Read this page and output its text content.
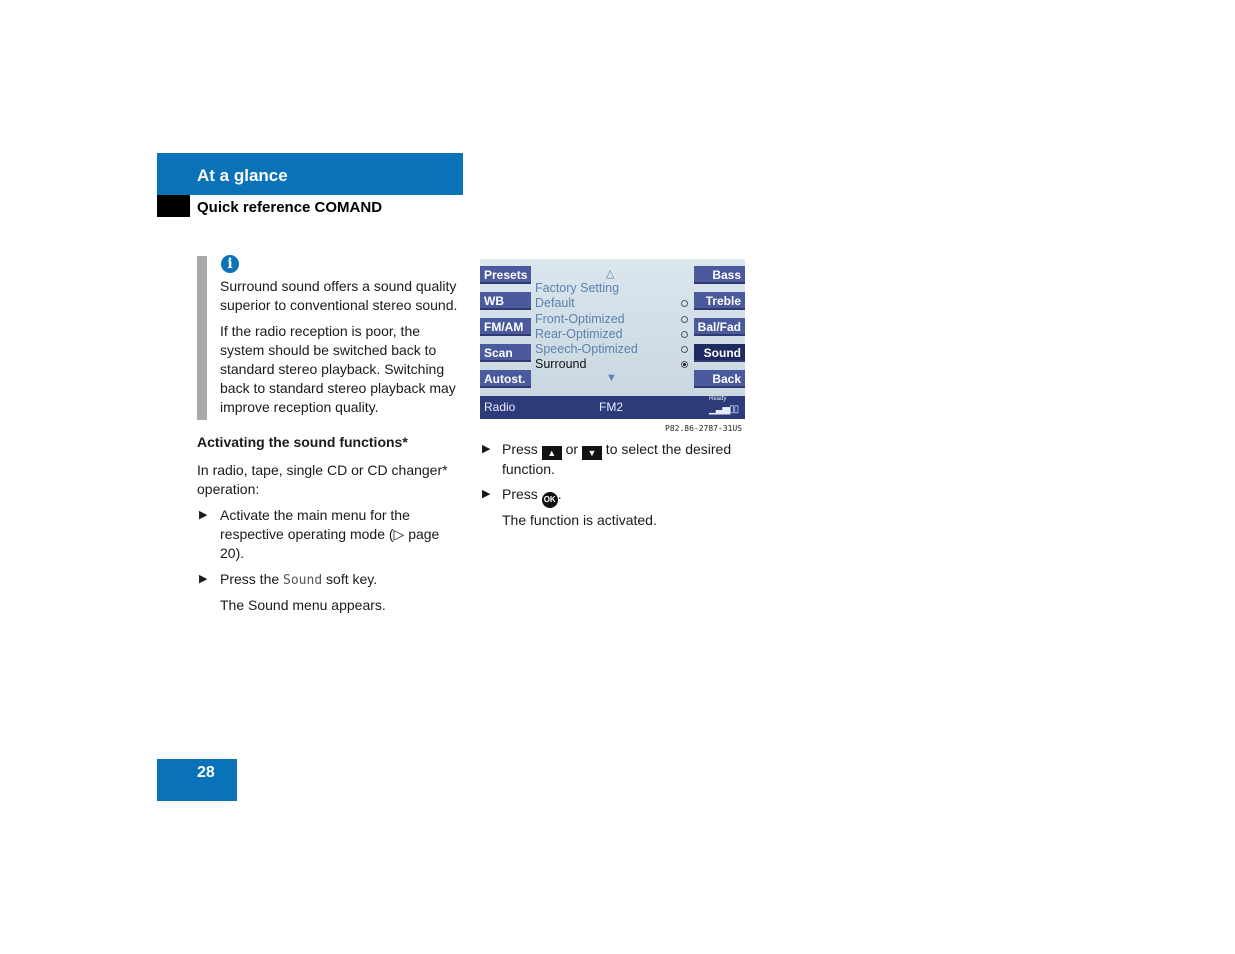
At a glance
Quick reference COMAND
i
Surround sound offers a sound quality superior to conventional stereo sound.
If the radio reception is poor, the system should be switched back to standard stereo playback. Switching back to standard stereo playback may improve reception quality.
Activating the sound functions*
In radio, tape, single CD or CD changer* operation:
▶ Activate the main menu for the respective operating mode (▷ page 20).
▶ Press the Sound soft key.
The Sound menu appears.
Presets
WB
FM/AM
Scan
Autost.
Bass
Treble
Bal/Fad
Sound
Back
△
Factory Setting
Default
Front-Optimized
Rear-Optimized
Speech-Optimized
Surround
▼
Radio	FM2
Ready
▁▃▅▯▯
P82.86-2787-31US
▶ Press ▲ or ▼ to select the desired function.
▶ Press OK .
The function is activated.
28
